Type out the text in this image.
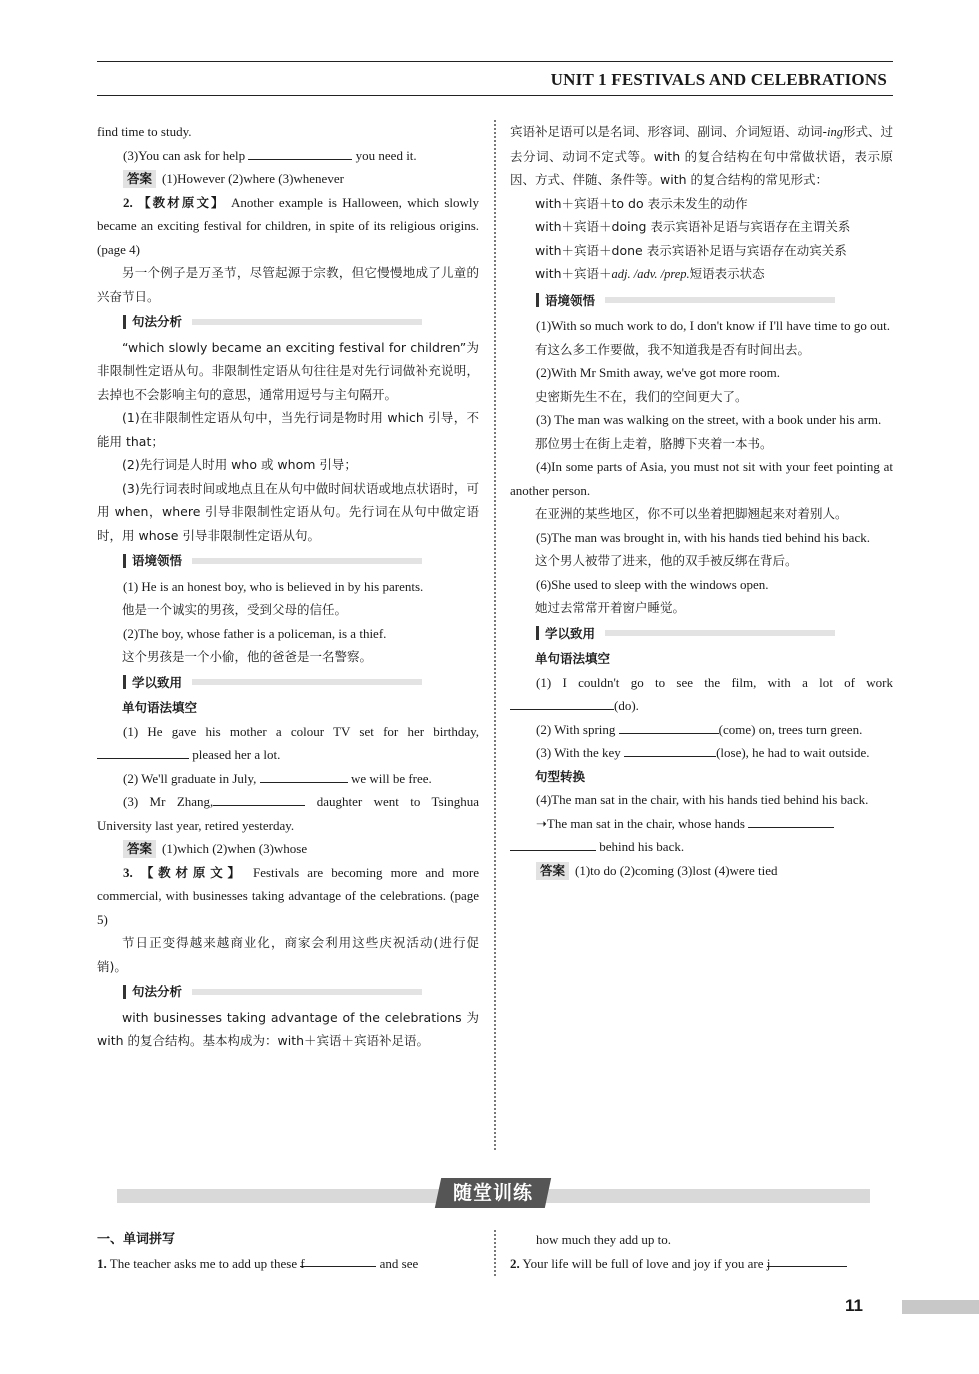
UNIT 1 FESTIVALS AND CELEBRATIONS

find time to study.

(3)You can ask for help	you need it.

答案 (1)However (2)where (3)whenever

2. 【教材原文】 Another example is Halloween, which slowly became an exciting festival for children, in spite of its religious origins. (page 4)

另一个例子是万圣节，尽管起源于宗教，但它慢慢地成了儿童的兴奋节日。

句法分析

“which slowly became an exciting festival for children”为非限制性定语从句。非限制性定语从句往往是对先行词做补充说明，去掉也不会影响主句的意思，通常用逗号与主句隔开。

(1)在非限制性定语从句中，当先行词是物时用 which 引导，不能用 that；

(2)先行词是人时用 who 或 whom 引导；

(3)先行词表时间或地点且在从句中做时间状语或地点状语时，可用 when，where 引导非限制性定语从句。先行词在从句中做定语时，用 whose 引导非限制性定语从句。

语境领悟

(1) He is an honest boy, who is believed in by his parents.

他是一个诚实的男孩，受到父母的信任。

(2)The boy, whose father is a policeman, is a thief.

这个男孩是一个小偷，他的爸爸是一名警察。

学以致用

单句语法填空

(1) He gave his mother a colour TV set for her birthday, pleased her a lot.

(2) We'll graduate in July,	we will be free.

(3) Mr Zhang,	daughter went to Tsinghua University last year, retired yesterday.

答案 (1)which (2)when (3)whose

3. 【教材原文】 Festivals are becoming more and more commercial, with businesses taking advantage of the celebrations. (page 5)

节日正变得越来越商业化，商家会利用这些庆祝活动(进行促销)。

句法分析

with businesses taking advantage of the celebrations 为 with 的复合结构。基本构成为：with＋宾语＋宾语补足语。

宾语补足语可以是名词、形容词、副词、介词短语、动词-ing形式、过去分词、动词不定式等。with 的复合结构在句中常做状语，表示原因、方式、伴随、条件等。with 的复合结构的常见形式：

with＋宾语＋to do 表示未发生的动作

with＋宾语＋doing 表示宾语补足语与宾语存在主谓关系

with＋宾语＋done 表示宾语补足语与宾语存在动宾关系

with＋宾语＋adj. /adv. /prep.短语表示状态

语境领悟

(1)With so much work to do, I don't know if I'll have time to go out.

有这么多工作要做，我不知道我是否有时间出去。

(2)With Mr Smith away, we've got more room.

史密斯先生不在，我们的空间更大了。

(3) The man was walking on the street, with a book under his arm.

那位男士在街上走着，胳膊下夹着一本书。

(4)In some parts of Asia, you must not sit with your feet pointing at another person.

在亚洲的某些地区，你不可以坐着把脚翘起来对着别人。

(5)The man was brought in, with his hands tied behind his back.

这个男人被带了进来，他的双手被反绑在背后。

(6)She used to sleep with the windows open.

她过去常常开着窗户睡觉。

学以致用

单句语法填空

(1) I couldn't go to see the film, with a lot of work (do).

(2) With spring	(come) on, trees turn green.

(3) With the key	(lose), he had to wait outside.

句型转换

(4)The man sat in the chair, with his hands tied behind his back.

➝The man sat in the chair, whose hands

behind his back.

答案 (1)to do (2)coming (3)lost (4)were tied

随堂训练

一、单词拼写

1. The teacher asks me to add up these f	and see

how much they add up to.

2. Your life will be full of love and joy if you are j

11
